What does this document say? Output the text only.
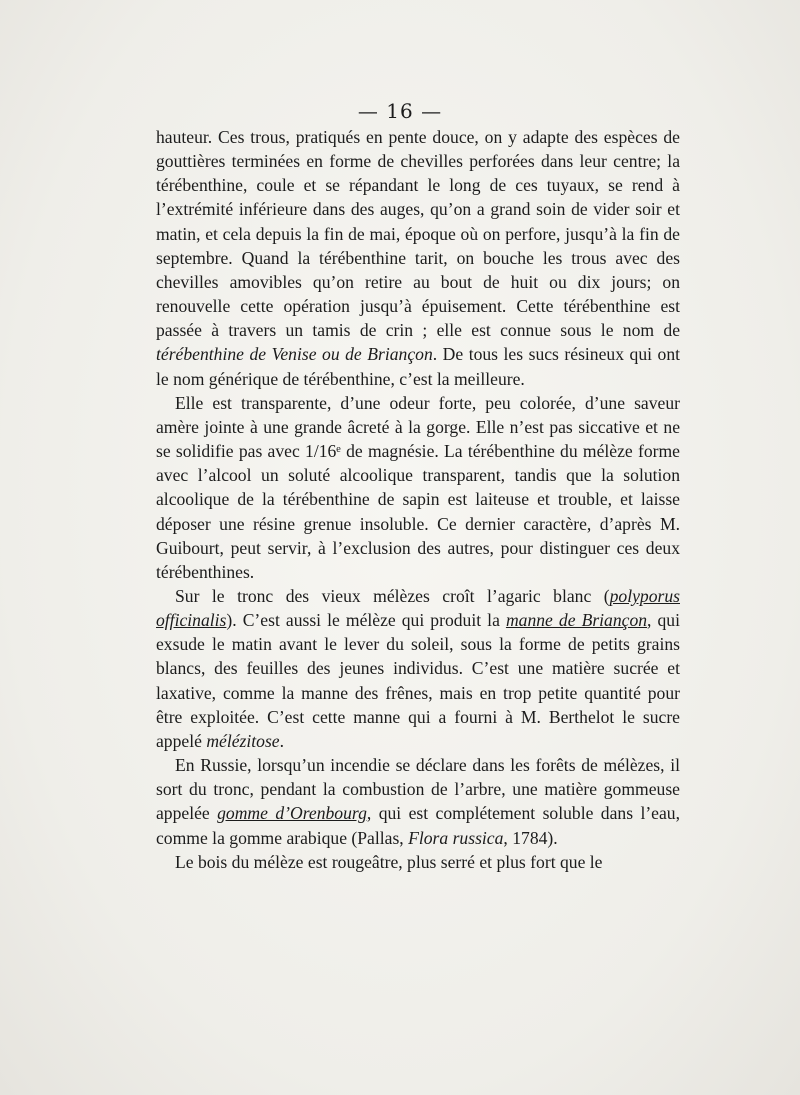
— 16 —

hauteur. Ces trous, pratiqués en pente douce, on y adapte des espèces de gouttières terminées en forme de chevilles perforées dans leur centre; la térébenthine, coule et se répandant le long de ces tuyaux, se rend à l’extrémité inférieure dans des auges, qu’on a grand soin de vider soir et matin, et cela depuis la fin de mai, époque où on perfore, jusqu’à la fin de septembre. Quand la térébenthine tarit, on bouche les trous avec des chevilles amovibles qu’on retire au bout de huit ou dix jours; on renouvelle cette opération jusqu’à épuisement. Cette térébenthine est passée à travers un tamis de crin ; elle est connue sous le nom de térébenthine de Venise ou de Briançon. De tous les sucs résineux qui ont le nom générique de térébenthine, c’est la meilleure.

Elle est transparente, d’une odeur forte, peu colorée, d’une saveur amère jointe à une grande âcreté à la gorge. Elle n’est pas siccative et ne se solidifie pas avec 1/16ᵉ de magnésie. La térébenthine du mélèze forme avec l’alcool un soluté alcoolique transparent, tandis que la solution alcoolique de la térébenthine de sapin est laiteuse et trouble, et laisse déposer une résine grenue insoluble. Ce dernier caractère, d’après M. Guibourt, peut servir, à l’exclusion des autres, pour distinguer ces deux térébenthines.

Sur le tronc des vieux mélèzes croît l’agaric blanc (polyporus officinalis). C’est aussi le mélèze qui produit la manne de Briançon, qui exsude le matin avant le lever du soleil, sous la forme de petits grains blancs, des feuilles des jeunes individus. C’est une matière sucrée et laxative, comme la manne des frênes, mais en trop petite quantité pour être exploitée. C’est cette manne qui a fourni à M. Berthelot le sucre appelé mélézitose.

En Russie, lorsqu’un incendie se déclare dans les forêts de mélèzes, il sort du tronc, pendant la combustion de l’arbre, une matière gommeuse appelée gomme d’Orenbourg, qui est complétement soluble dans l’eau, comme la gomme arabique (Pallas, Flora russica, 1784).

Le bois du mélèze est rougeâtre, plus serré et plus fort que le
